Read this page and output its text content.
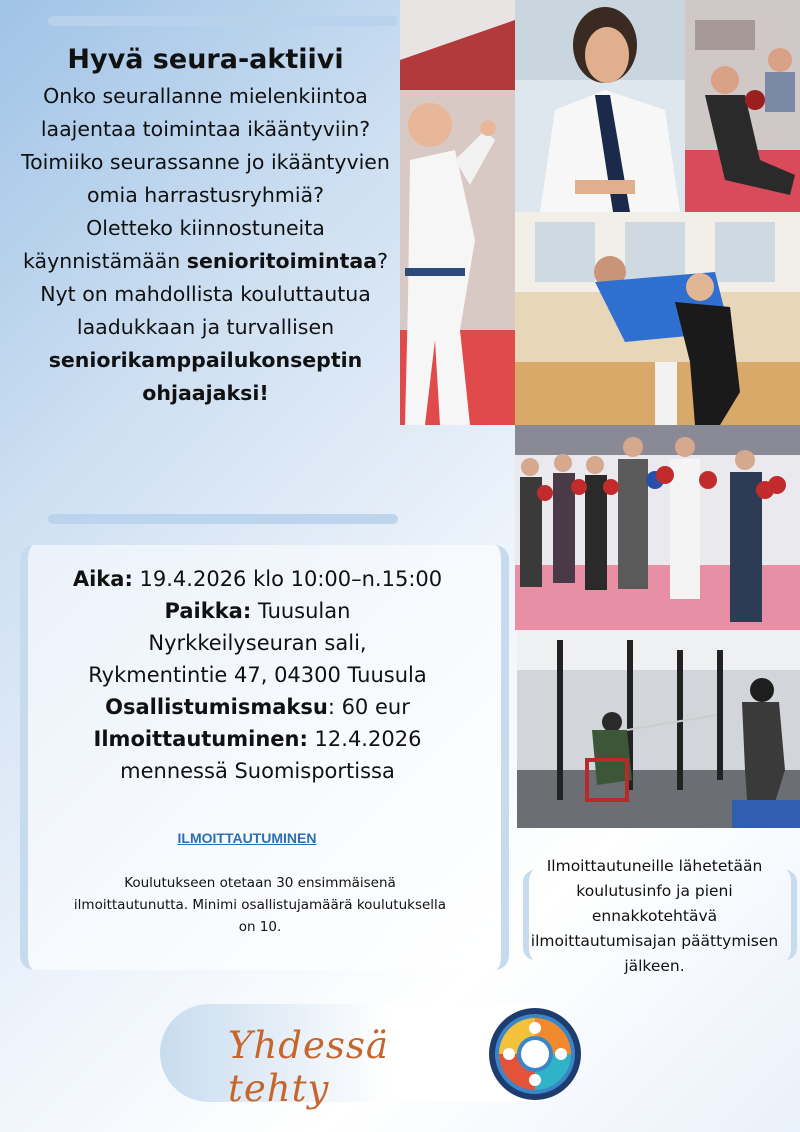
Hyvä seura-aktiivi

Onko seurallanne mielenkiintoa laajentaa toimintaa ikääntyviin?

Toimiiko seurassanne jo ikääntyvien omia harrastusryhmiä?

Oletteko kiinnostuneita käynnistämään senioritoimintaa?

Nyt on mahdollista kouluttautua laadukkaan ja turvallisen seniorikamppailukonseptin ohjaajaksi!

Aika: 19.4.2026 klo 10:00–n.15:00
Paikka: Tuusulan
Nyrkkeilyseuran sali,
Rykmentintie 47, 04300 Tuusula
Osallistumismaksu: 60 eur
Ilmoittautuminen: 12.4.2026
mennessä Suomisportissa
ILMOITTAUTUMINEN
Koulutukseen otetaan 30 ensimmäisenä ilmoittautunutta. Minimi osallistujamäärä koulutuksella on 10.
Ilmoittautuneille lähetetään koulutusinfo ja pieni ennakkotehtävä ilmoittautumisajan päättymisen jälkeen.
Yhdessä tehty
